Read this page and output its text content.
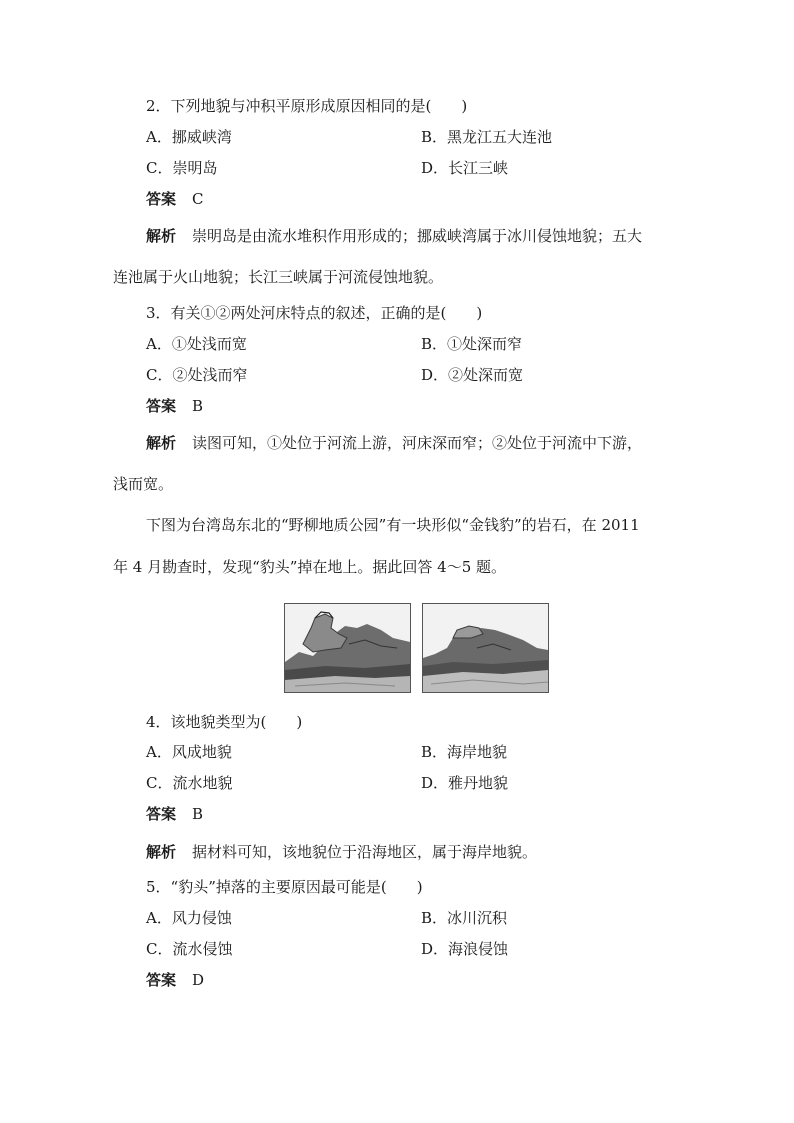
2．下列地貌与冲积平原形成原因相同的是(　　)
A．挪威峡湾	B．黑龙江五大连池
C．崇明岛	D．长江三峡
答案 C
解析 崇明岛是由流水堆积作用形成的；挪威峡湾属于冰川侵蚀地貌；五大
连池属于火山地貌；长江三峡属于河流侵蚀地貌。
3．有关①②两处河床特点的叙述，正确的是(　　)
A．①处浅而宽	B．①处深而窄
C．②处浅而窄	D．②处深而宽
答案 B
解析 读图可知，①处位于河流上游，河床深而窄；②处位于河流中下游，
浅而宽。
下图为台湾岛东北的“野柳地质公园”有一块形似“金钱豹”的岩石，在 2011
年 4 月勘查时，发现“豹头”掉在地上。据此回答 4～5 题。
4．该地貌类型为(　　)
A．风成地貌	B．海岸地貌
C．流水地貌	D．雅丹地貌
答案 B
解析 据材料可知，该地貌位于沿海地区，属于海岸地貌。
5．“豹头”掉落的主要原因最可能是(　　)
A．风力侵蚀	B．冰川沉积
C．流水侵蚀	D．海浪侵蚀
答案 D
